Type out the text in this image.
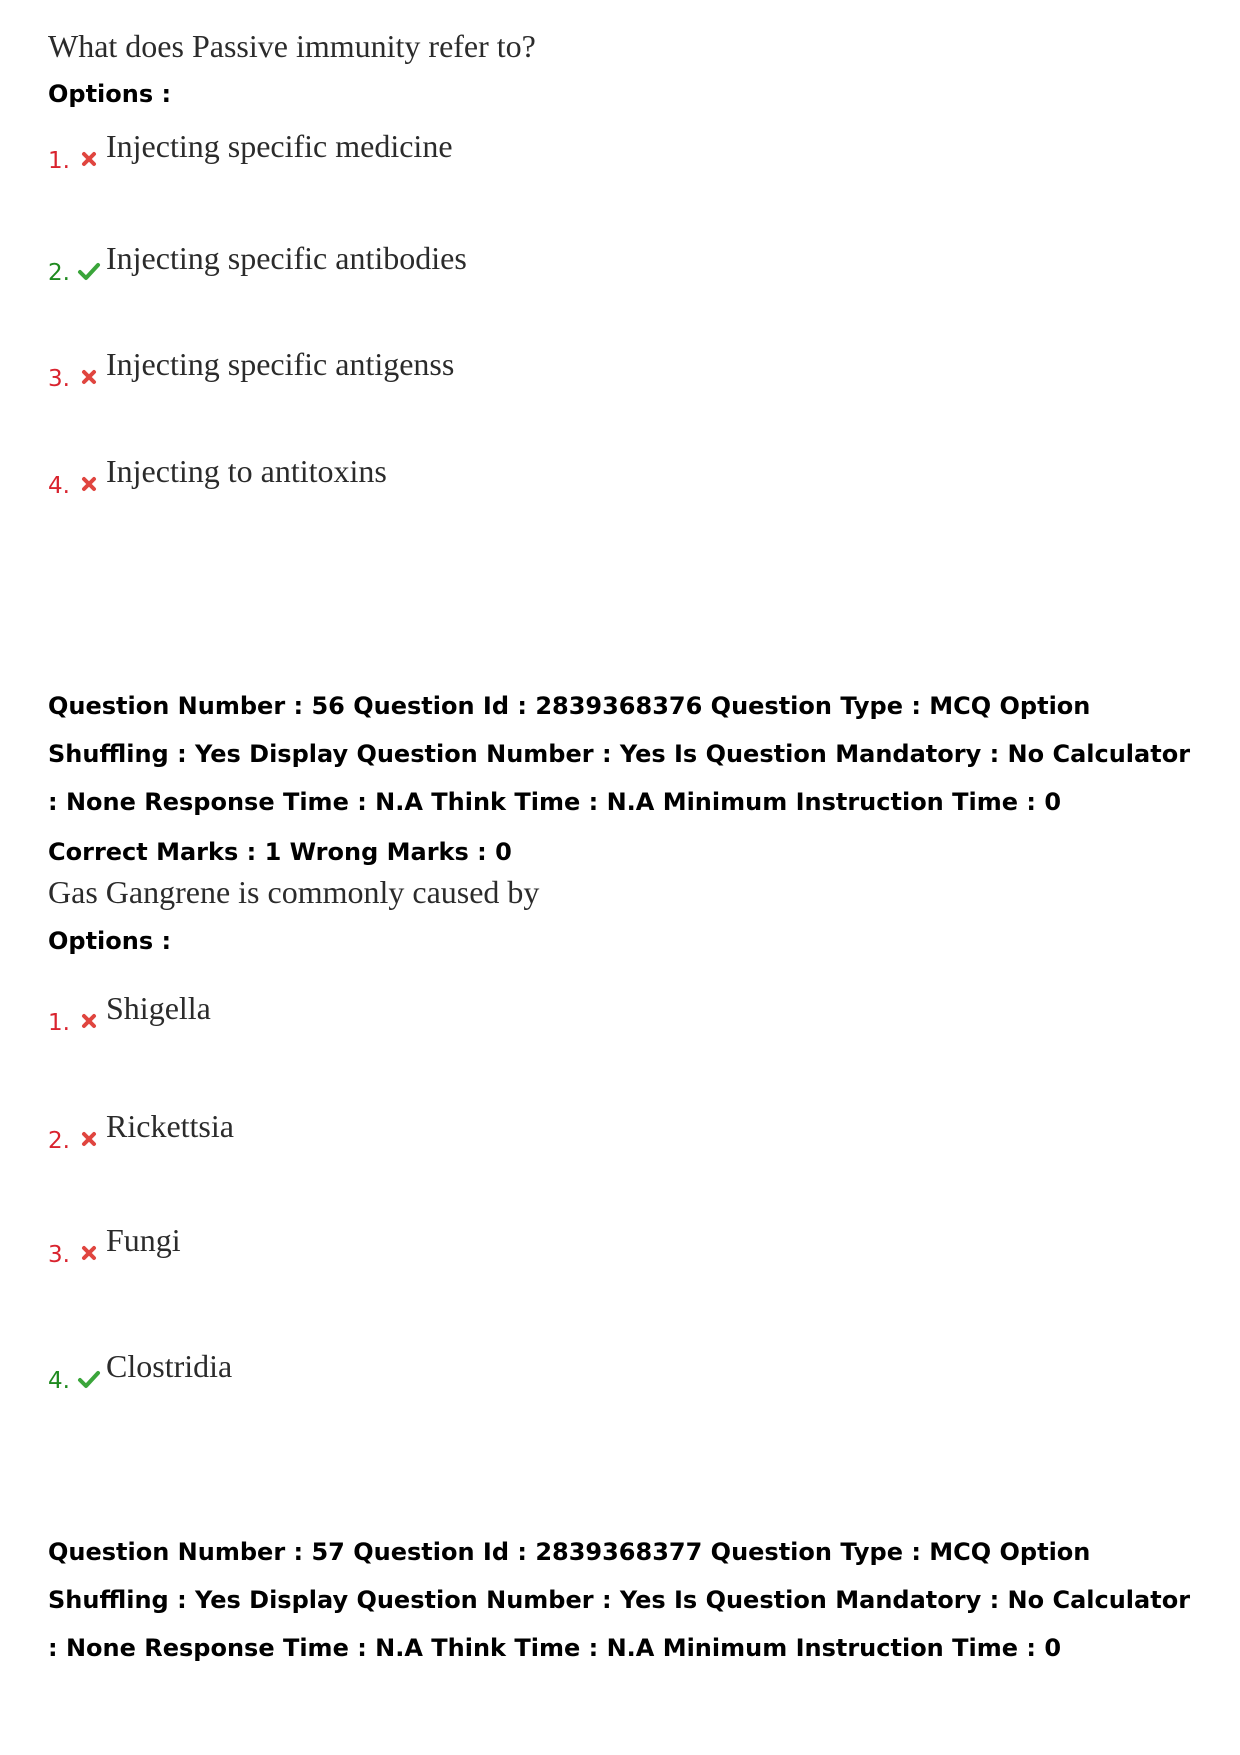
What does Passive immunity refer to?
Options :
1. Injecting specific medicine
2. Injecting specific antibodies
3. Injecting specific antigenss
4. Injecting to antitoxins
Question Number : 56 Question Id : 2839368376 Question Type : MCQ Option Shuffling : Yes Display Question Number : Yes Is Question Mandatory : No Calculator : None Response Time : N.A Think Time : N.A Minimum Instruction Time : 0
Correct Marks : 1 Wrong Marks : 0
Gas Gangrene is commonly caused by
Options :
1. Shigella
2. Rickettsia
3. Fungi
4. Clostridia
Question Number : 57 Question Id : 2839368377 Question Type : MCQ Option Shuffling : Yes Display Question Number : Yes Is Question Mandatory : No Calculator : None Response Time : N.A Think Time : N.A Minimum Instruction Time : 0
